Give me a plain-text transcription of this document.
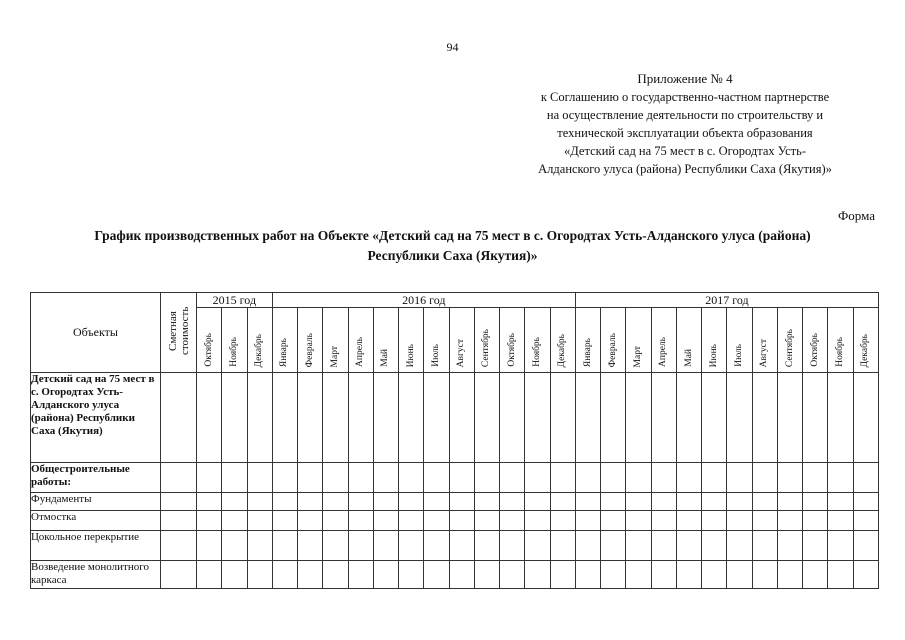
94
Приложение № 4
к Соглашению о государственно-частном партнерстве
на осуществление деятельности по строительству и
технической эксплуатации объекта образования
«Детский сад на 75 мест в с. Огородтах Усть-
Алданского улуса (района) Республики Саха (Якутия)»
Форма
График производственных работ на Объекте «Детский сад на 75 мест в с. Огородтах Усть-Алданского улуса (района)
Республики Саха (Якутия)»
Объекты	Сметная стоимость	2015 год			2016 год												2017 год											
		Октябрь	Ноябрь	Декабрь	Январь	Февраль	Март	Апрель	Май	Июнь	Июль	Август	Сентябрь	Октябрь	Ноябрь	Декабрь	Январь	Февраль	Март	Апрель	Май	Июнь	Июль	Август	Сентябрь	Октябрь	Ноябрь	Декабрь
Детский сад на 75 мест в с. Огородтах Усть-Алданского улуса (района) Республики Саха (Якутия)																												
Общестроительные работы:																												
Фундаменты																												
Отмостка																												
Цокольное перекрытие																												
Возведение монолитного каркаса																												
